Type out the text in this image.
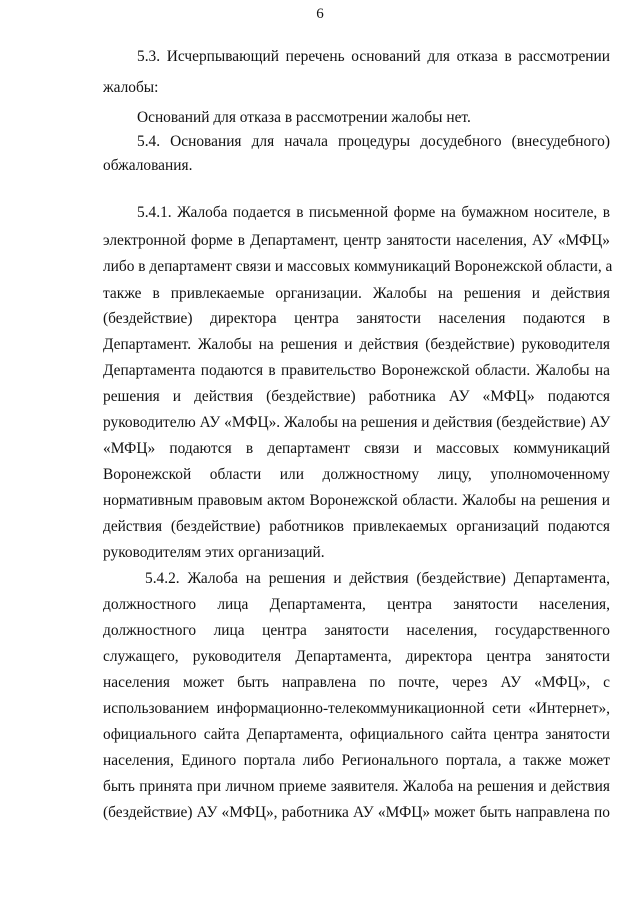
6
5.3. Исчерпывающий перечень оснований для отказа в рассмотрении
жалобы:
Оснований для отказа в рассмотрении жалобы нет.
5.4. Основания для начала процедуры досудебного (внесудебного)
обжалования.
5.4.1. Жалоба подается в письменной форме на бумажном носителе, в
электронной форме в Департамент, центр занятости населения, АУ «МФЦ»
либо в департамент связи и массовых коммуникаций Воронежской области, а
также в привлекаемые организации. Жалобы на решения и действия
(бездействие) директора центра занятости населения подаются в
Департамент. Жалобы на решения и действия (бездействие) руководителя
Департамента подаются в правительство Воронежской области. Жалобы на
решения и действия (бездействие) работника АУ «МФЦ» подаются
руководителю АУ «МФЦ». Жалобы на решения и действия (бездействие) АУ
«МФЦ» подаются в департамент связи и массовых коммуникаций
Воронежской области или должностному лицу, уполномоченному
нормативным правовым актом Воронежской области. Жалобы на решения и
действия (бездействие) работников привлекаемых организаций подаются
руководителям этих организаций.
5.4.2. Жалоба на решения и действия (бездействие) Департамента,
должностного лица Департамента, центра занятости населения,
должностного лица центра занятости населения, государственного
служащего, руководителя Департамента, директора центра занятости
населения может быть направлена по почте, через АУ «МФЦ», с
использованием информационно-телекоммуникационной сети «Интернет»,
официального сайта Департамента, официального сайта центра занятости
населения, Единого портала либо Регионального портала, а также может
быть принята при личном приеме заявителя. Жалоба на решения и действия
(бездействие) АУ «МФЦ», работника АУ «МФЦ» может быть направлена по
